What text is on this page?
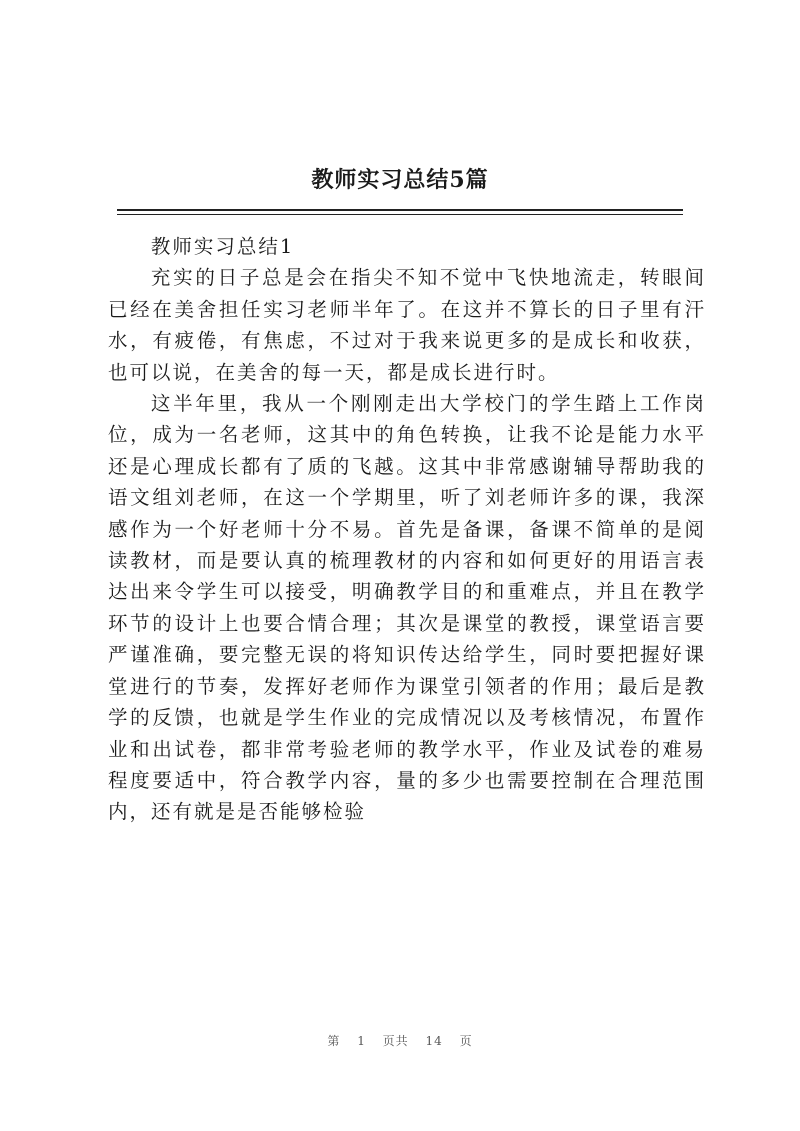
教师实习总结5篇

教师实习总结1

充实的日子总是会在指尖不知不觉中飞快地流走，转眼间已经在美舍担任实习老师半年了。在这并不算长的日子里有汗水，有疲倦，有焦虑，不过对于我来说更多的是成长和收获，也可以说，在美舍的每一天，都是成长进行时。

这半年里，我从一个刚刚走出大学校门的学生踏上工作岗位，成为一名老师，这其中的角色转换，让我不论是能力水平还是心理成长都有了质的飞越。这其中非常感谢辅导帮助我的语文组刘老师，在这一个学期里，听了刘老师许多的课，我深感作为一个好老师十分不易。首先是备课，备课不简单的是阅读教材，而是要认真的梳理教材的内容和如何更好的用语言表达出来令学生可以接受，明确教学目的和重难点，并且在教学环节的设计上也要合情合理；其次是课堂的教授，课堂语言要严谨准确，要完整无误的将知识传达给学生，同时要把握好课堂进行的节奏，发挥好老师作为课堂引领者的作用；最后是教学的反馈，也就是学生作业的完成情况以及考核情况，布置作业和出试卷，都非常考验老师的教学水平，作业及试卷的难易程度要适中，符合教学内容，量的多少也需要控制在合理范围内，还有就是是否能够检验

第 1 页共 14 页
